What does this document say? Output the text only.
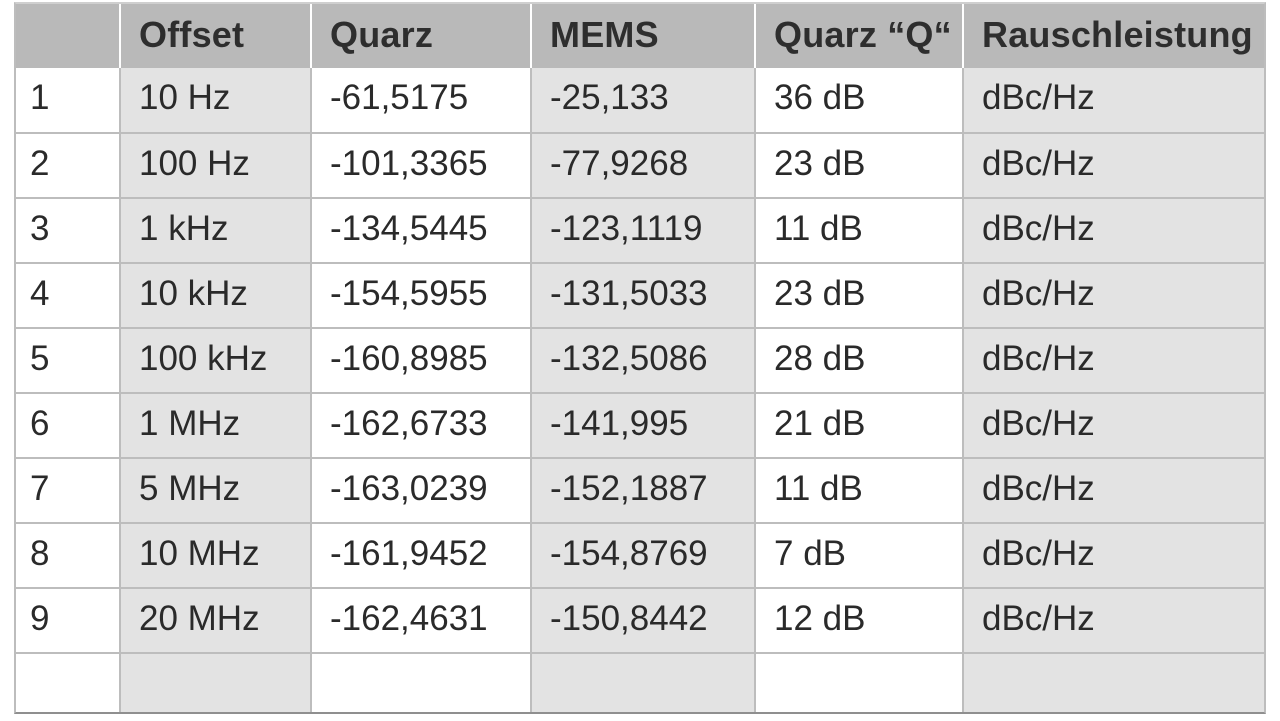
	Offset	Quarz	MEMS	Quarz “Q“	Rauschleistung
1	10 Hz	-61,5175	-25,133	36 dB	dBc/Hz
2	100 Hz	-101,3365	-77,9268	23 dB	dBc/Hz
3	1 kHz	-134,5445	-123,1119	11 dB	dBc/Hz
4	10 kHz	-154,5955	-131,5033	23 dB	dBc/Hz
5	100 kHz	-160,8985	-132,5086	28 dB	dBc/Hz
6	1 MHz	-162,6733	-141,995	21 dB	dBc/Hz
7	5 MHz	-163,0239	-152,1887	11 dB	dBc/Hz
8	10 MHz	-161,9452	-154,8769	7 dB	dBc/Hz
9	20 MHz	-162,4631	-150,8442	12 dB	dBc/Hz
